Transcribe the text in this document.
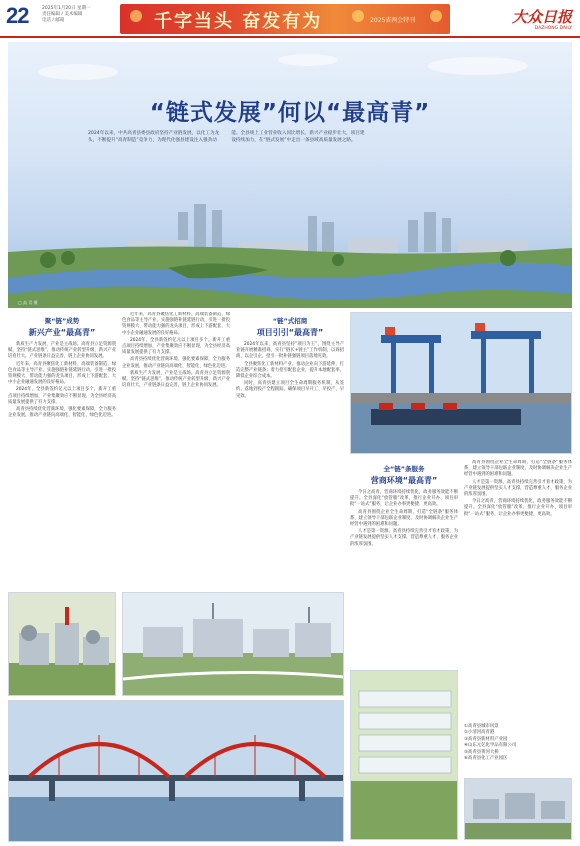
22	2025年1月20日 星期一
责任编辑 / 美术编辑
电话 / 邮箱	千字当头 奋发有为	2025省两会特刊	大众日报
DAZHONG DAILY
“链式发展”何以“最高青”
2024年以来，中共高青县委县政府坚持产业链发展，以化工为龙头，不断提升“高青制造”竞争力，为现代化强县建设注入强劲动能。全县规上工业营业收入同比增长，新兴产业稳步壮大，项目建设持续加力，在“链式发展”中走出一条县域高质量发展之路。
□ 高 青 摄
聚“链”成势
新兴产业“最高青”

新质生产力发展，产业是主战场。高青县立足资源禀赋，坚持“链式思维”，推动传统产业转型升级、新兴产业培育壮大，产业链条日益完善，链上企业协同发展。

近年来，高青县聚焦化工新材料、高端装备制造、绿色食品等主导产业，实施强链补链延链行动，引进一批投资规模大、带动能力强的龙头项目，形成上下游配套、大中小企业融通发展的良好格局。

2024年，全县新签约亿元以上项目多个，新开工重点项目持续增加，产业集聚效应不断显现，为全县经济高质量发展提供了有力支撑。

高青县持续优化营商环境，强化要素保障，全力服务企业发展，推动产业链向高端化、智能化、绿色化迈进。

近年来，高青县聚焦化工新材料、高端装备制造、绿色食品等主导产业，实施强链补链延链行动，引进一批投资规模大、带动能力强的龙头项目，形成上下游配套、大中小企业融通发展的良好格局。

2024年，全县新签约亿元以上项目多个，新开工重点项目持续增加，产业集聚效应不断显现，为全县经济高质量发展提供了有力支撑。

高青县持续优化营商环境，强化要素保障，全力服务企业发展，推动产业链向高端化、智能化、绿色化迈进。

新质生产力发展，产业是主战场。高青县立足资源禀赋，坚持“链式思维”，推动传统产业转型升级、新兴产业培育壮大，产业链条日益完善，链上企业协同发展。

“链”式招商
项目引引“最高青”

2024年以来，高青县坚持“项目为王”，围绕主导产业链开展精准招商，实行“链长+链主”工作机制，以商招商、以企引企，招引一批补链强链项目落地见效。

全县聚焦化工新材料产业，推动企业向下游延伸，打造完整产业链条；着力招引配套企业，提升本地配套率，降低企业综合成本。

同时，高青县建立项目全生命周期服务机制，从签约、落地到投产全程跟踪，确保项目早开工、早投产、早见效。

全“链”条服务
营商环境“最高青”

今日之高青，营商环境持续优化，政务服务效能不断提升。全县深化“放管服”改革，推行企业开办、项目审批“一站式”服务，让企业办事更便捷、更高效。

高青县围绕企业全生命周期，打造“全链条”服务体系，建立领导干部包联企业制度，及时协调解决企业生产经营中遇到的困难和问题。

人才是第一资源。高青县持续完善引才育才政策，为产业链发展提供坚实人才支撑，营造尊重人才、服务企业的浓厚氛围。

高青县围绕企业全生命周期，打造“全链条”服务体系，建立领导干部包联企业制度，及时协调解决企业生产经营中遇到的困难和问题。

人才是第一资源。高青县持续完善引才育才政策，为产业链发展提供坚实人才支撑，营造尊重人才、服务企业的浓厚氛围。

今日之高青，营商环境持续优化，政务服务效能不断提升。全县深化“放管服”改革，推行企业开办、项目审批“一站式”服务，让企业办事更便捷、更高效。

①高青县城市风景
②小清河高青港
③高青县新材料产业园
④山东元亿化学品有限公司
⑤高青县黄河大桥
⑥高青县化工产业园区
